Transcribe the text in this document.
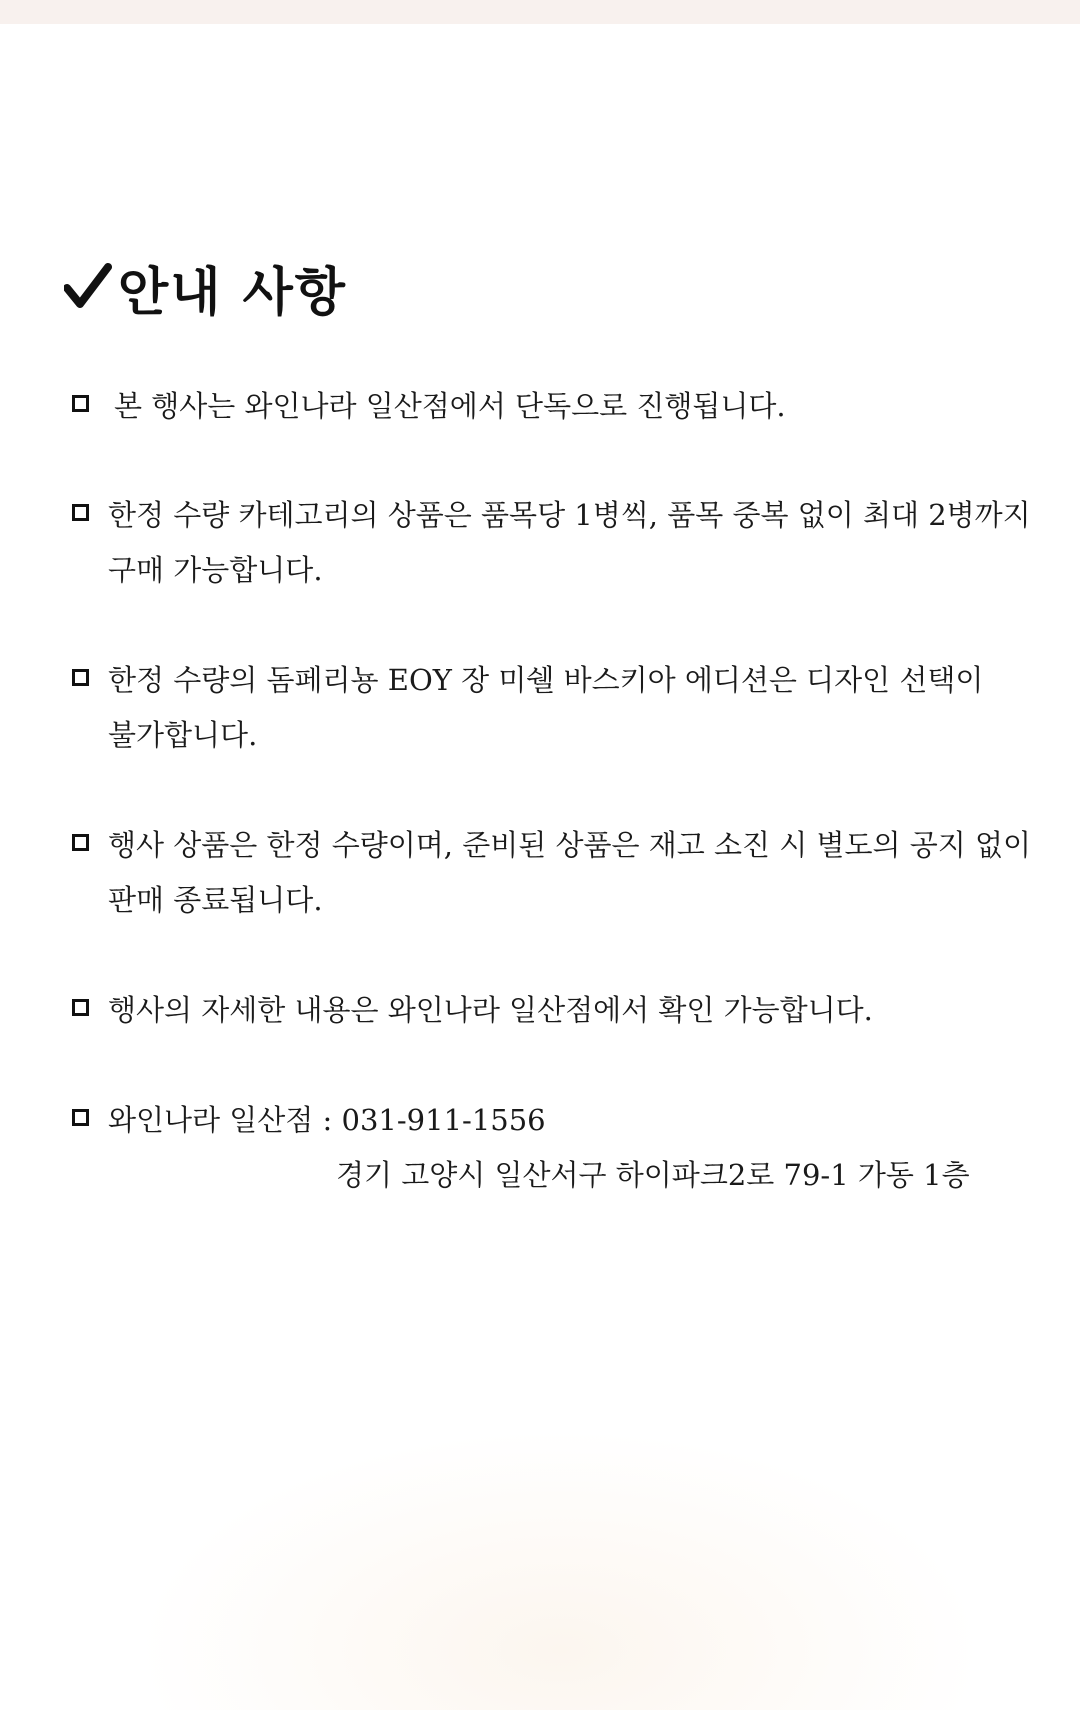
안내 사항
본 행사는 와인나라 일산점에서 단독으로 진행됩니다.
한정 수량 카테고리의 상품은 품목당 1병씩, 품목 중복 없이 최대 2병까지
구매 가능합니다.
한정 수량의 돔페리뇽 EOY 장 미쉘 바스키아 에디션은 디자인 선택이
불가합니다.
행사 상품은 한정 수량이며, 준비된 상품은 재고 소진 시 별도의 공지 없이
판매 종료됩니다.
행사의 자세한 내용은 와인나라 일산점에서 확인 가능합니다.
와인나라 일산점 : 031-911-1556
경기 고양시 일산서구 하이파크2로 79-1 가동 1층
